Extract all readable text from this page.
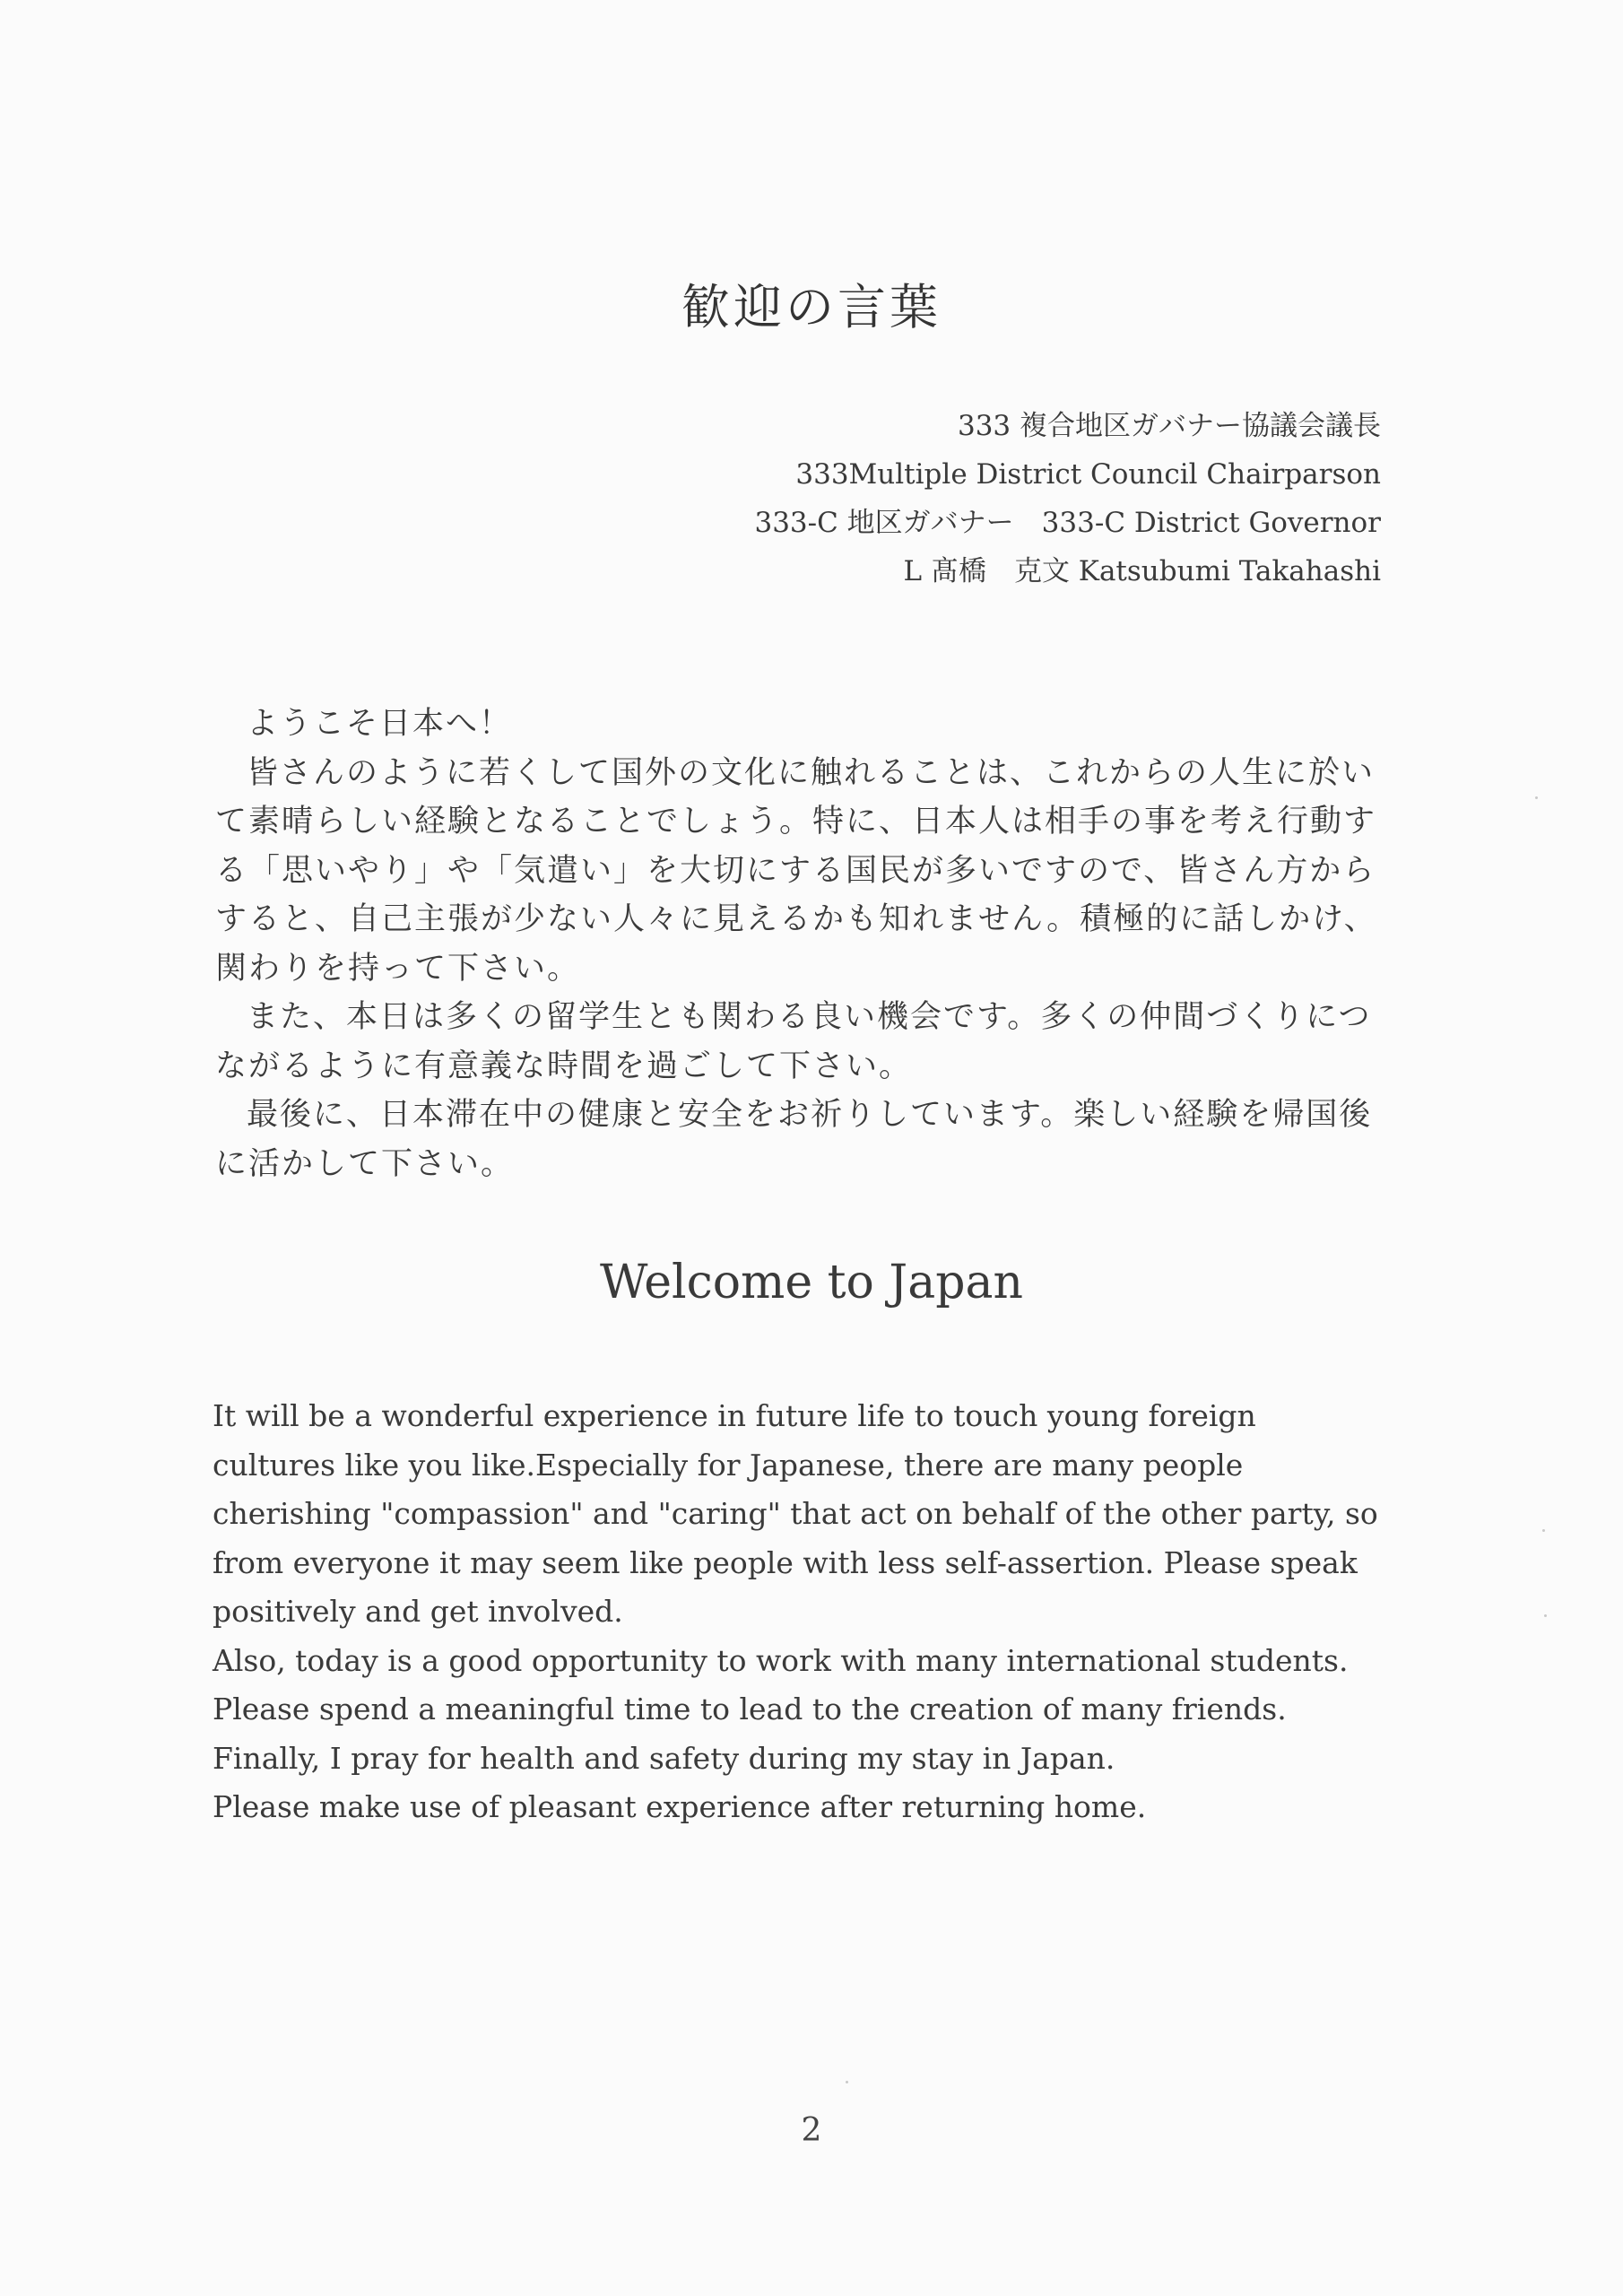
歓迎の言葉
333 複合地区ガバナー協議会議長
333Multiple District Council Chairparson
333-C 地区ガバナー　333-C District Governor
L 髙橋　克文 Katsubumi Takahashi

ようこそ日本へ！

皆さんのように若くして国外の文化に触れることは、これからの人生に於いて素晴らしい経験となることでしょう。特に、日本人は相手の事を考え行動する「思いやり」や「気遣い」を大切にする国民が多いですので、皆さん方からすると、自己主張が少ない人々に見えるかも知れません。積極的に話しかけ、関わりを持って下さい。

また、本日は多くの留学生とも関わる良い機会です。多くの仲間づくりにつながるように有意義な時間を過ごして下さい。

最後に、日本滞在中の健康と安全をお祈りしています。楽しい経験を帰国後に活かして下さい。

Welcome to Japan

It will be a wonderful experience in future life to touch young foreign cultures like you like.Especially for Japanese, there are many people cherishing "compassion" and "caring" that act on behalf of the other party, so from everyone it may seem like people with less self-assertion. Please speak positively and get involved.

Also, today is a good opportunity to work with many international students.

Please spend a meaningful time to lead to the creation of many friends.

Finally, I pray for health and safety during my stay in Japan.

Please make use of pleasant experience after returning home.

2
